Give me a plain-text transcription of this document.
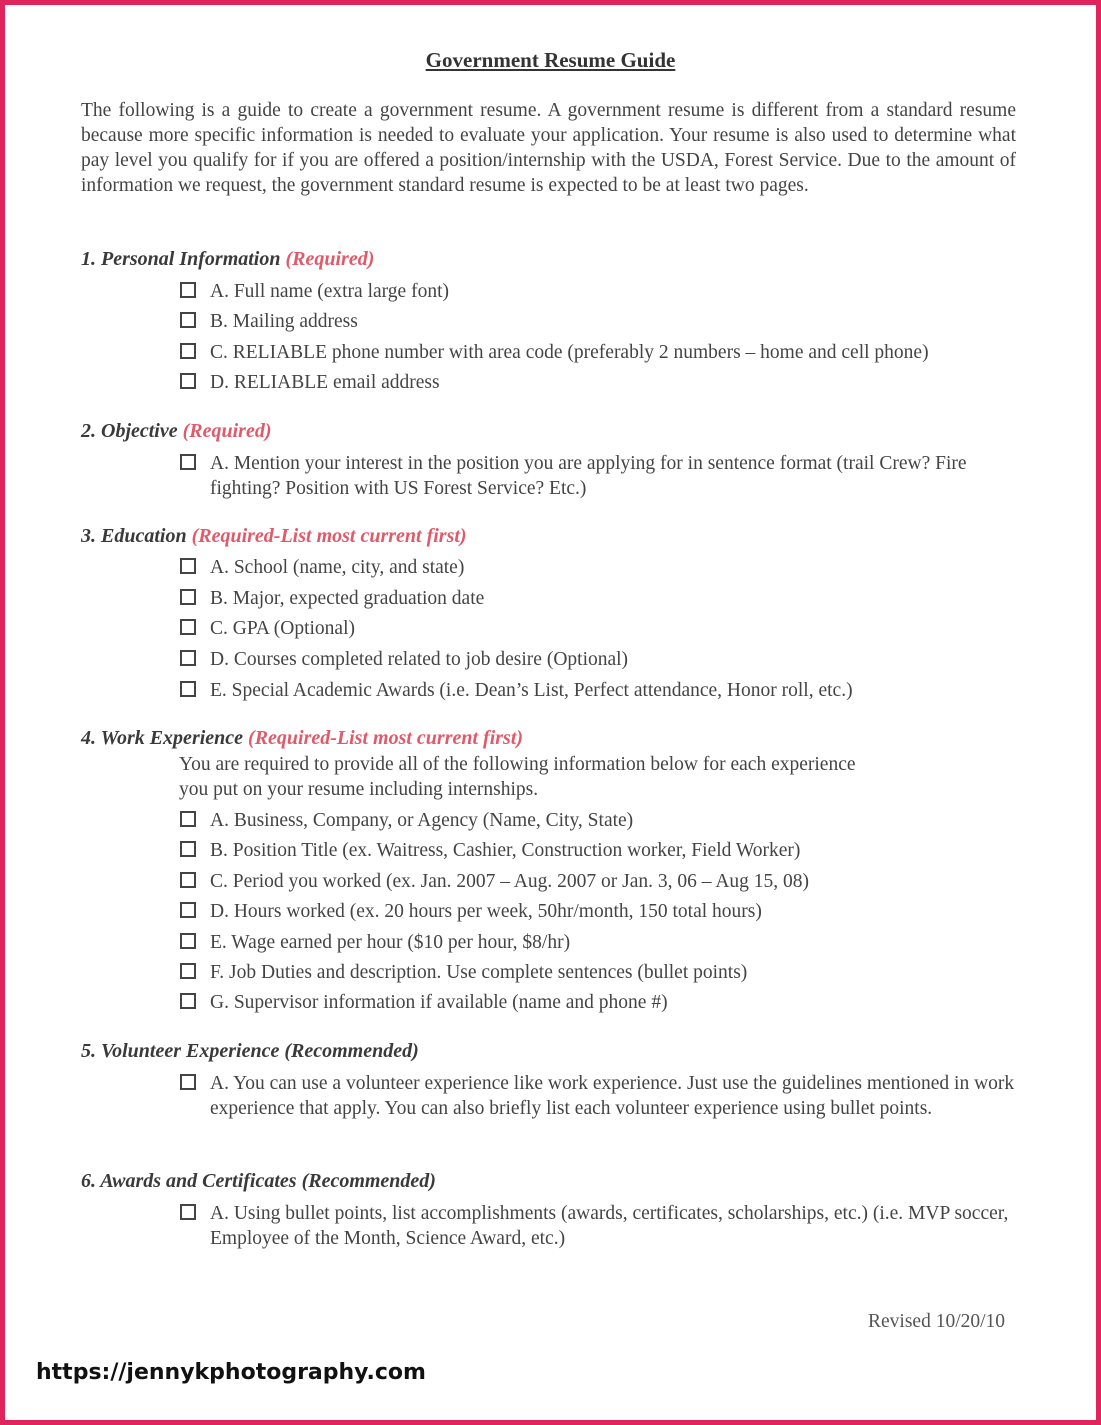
Government Resume Guide
The following is a guide to create a government resume. A government resume is different from a standard resume because more specific information is needed to evaluate your application. Your resume is also used to determine what pay level you qualify for if you are offered a position/internship with the USDA, Forest Service. Due to the amount of information we request, the government standard resume is expected to be at least two pages.
1. Personal Information (Required)
A. Full name (extra large font)
B. Mailing address
C. RELIABLE phone number with area code (preferably 2 numbers – home and cell phone)
D. RELIABLE email address
2. Objective (Required)
A. Mention your interest in the position you are applying for in sentence format (trail Crew? Fire fighting? Position with US Forest Service? Etc.)
3. Education (Required-List most current first)
A. School (name, city, and state)
B. Major, expected graduation date
C. GPA (Optional)
D. Courses completed related to job desire (Optional)
E. Special Academic Awards (i.e. Dean’s List, Perfect attendance, Honor roll, etc.)
4. Work Experience (Required-List most current first)
You are required to provide all of the following information below for each experience you put on your resume including internships.
A. Business, Company, or Agency (Name, City, State)
B. Position Title (ex. Waitress, Cashier, Construction worker, Field Worker)
C. Period you worked (ex. Jan. 2007 – Aug. 2007 or Jan. 3, 06 – Aug 15, 08)
D. Hours worked (ex. 20 hours per week, 50hr/month, 150 total hours)
E. Wage earned per hour ($10 per hour, $8/hr)
F. Job Duties and description. Use complete sentences (bullet points)
G. Supervisor information if available (name and phone #)
5. Volunteer Experience (Recommended)
A. You can use a volunteer experience like work experience. Just use the guidelines mentioned in work experience that apply. You can also briefly list each volunteer experience using bullet points.
6. Awards and Certificates (Recommended)
A. Using bullet points, list accomplishments (awards, certificates, scholarships, etc.) (i.e. MVP soccer, Employee of the Month, Science Award, etc.)
Revised 10/20/10
https://jennykphotography.com
